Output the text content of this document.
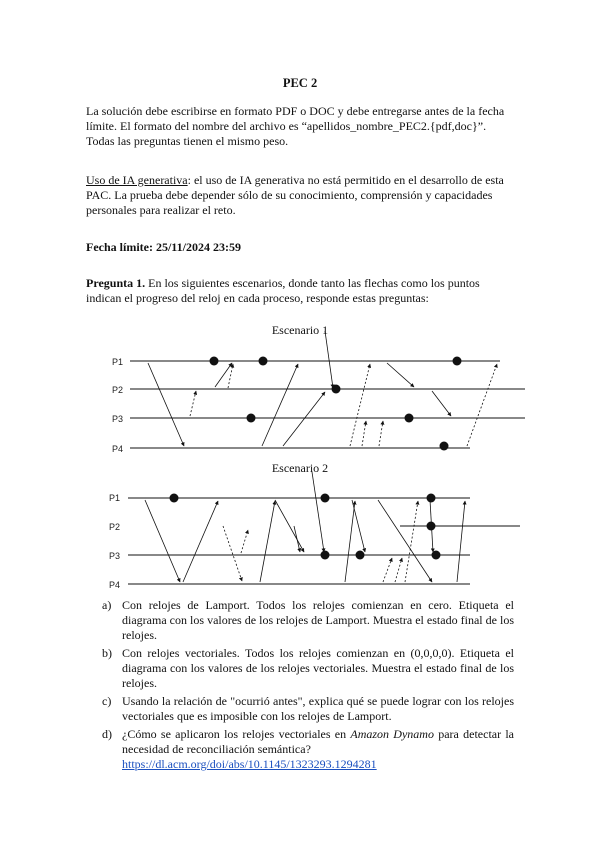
PEC 2
La solución debe escribirse en formato PDF o DOC y debe entregarse antes de la fecha
límite. El formato del nombre del archivo es “apellidos_nombre_PEC2.{pdf,doc}”.
Todas las preguntas tienen el mismo peso.
Uso de IA generativa: el uso de IA generativa no está permitido en el desarrollo de esta
PAC. La prueba debe depender sólo de su conocimiento, comprensión y capacidades
personales para realizar el reto.
Fecha límite: 25/11/2024 23:59
Pregunta 1. En los siguientes escenarios, donde tanto las flechas como los puntos
indican el progreso del reloj en cada proceso, responde estas preguntas:
Escenario 1
Escenario 2
P1
P2
P3
P4
P1
P2
P3
P4
a) Con relojes de Lamport. Todos los relojes comienzan en cero. Etiqueta el diagrama con los valores de los relojes de Lamport. Muestra el estado final de los relojes.
b) Con relojes vectoriales. Todos los relojes comienzan en (0,0,0,0). Etiqueta el diagrama con los valores de los relojes vectoriales. Muestra el estado final de los relojes.
c) Usando la relación de "ocurrió antes", explica qué se puede lograr con los relojes vectoriales que es imposible con los relojes de Lamport.
d) ¿Cómo se aplicaron los relojes vectoriales en Amazon Dynamo para detectar la necesidad de reconciliación semántica?
https://dl.acm.org/doi/abs/10.1145/1323293.1294281
